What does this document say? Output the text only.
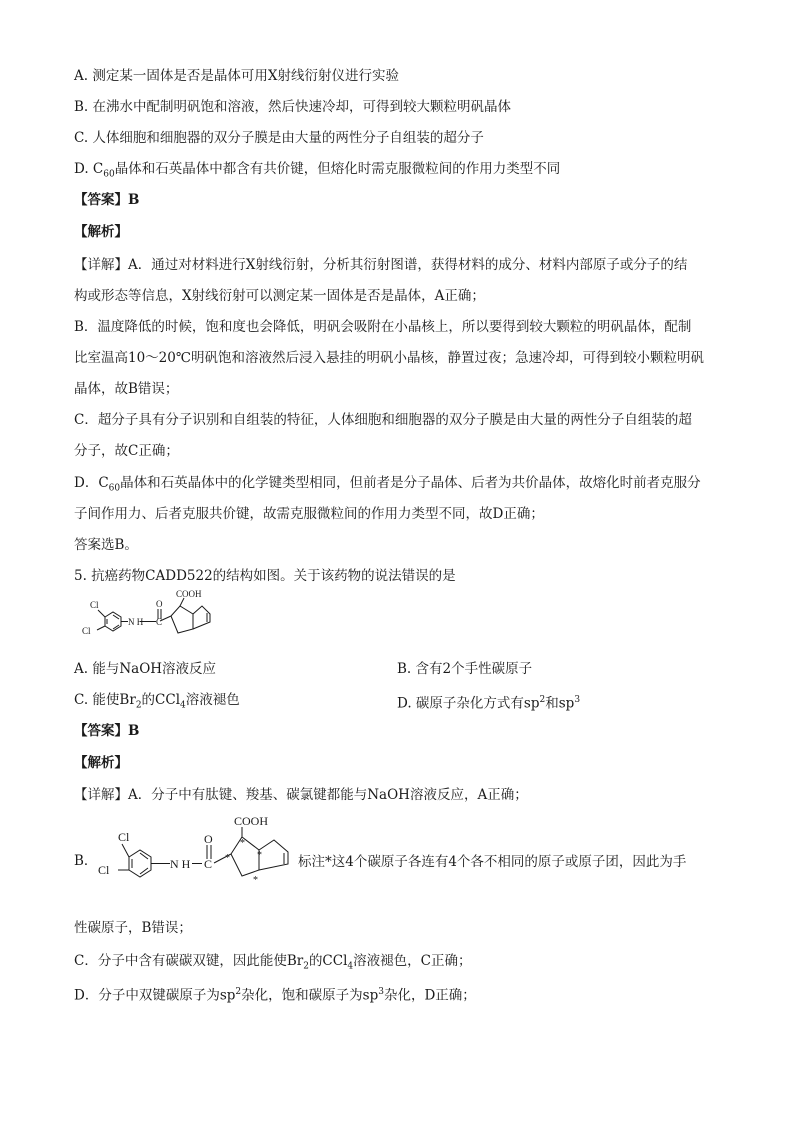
A. 测定某一固体是否是晶体可用X射线衍射仪进行实验
B. 在沸水中配制明矾饱和溶液，然后快速冷却，可得到较大颗粒明矾晶体
C. 人体细胞和细胞器的双分子膜是由大量的两性分子自组装的超分子
D. $C_{60}$晶体和石英晶体中都含有共价键，但熔化时需克服微粒间的作用力类型不同
【答案】B
【解析】
【详解】A．通过对材料进行X射线衍射，分析其衍射图谱，获得材料的成分、材料内部原子或分子的结
构或形态等信息，X射线衍射可以测定某一固体是否是晶体，A正确；
B．温度降低的时候，饱和度也会降低，明矾会吸附在小晶核上，所以要得到较大颗粒的明矾晶体，配制
比室温高10～20℃明矾饱和溶液然后浸入悬挂的明矾小晶核，静置过夜；急速冷却，可得到较小颗粒明矾
晶体，故B错误；
C．超分子具有分子识别和自组装的特征，人体细胞和细胞器的双分子膜是由大量的两性分子自组装的超
分子，故C正确；
D．$C_{60}$晶体和石英晶体中的化学键类型相同，但前者是分子晶体、后者为共价晶体，故熔化时前者克服分
子间作用力、后者克服共价键，故需克服微粒间的作用力类型不同，故D正确；
答案选B。
5. 抗癌药物CADD522的结构如图。关于该药物的说法错误的是
Cl
Cl
N H
O
C
COOH
A. 能与NaOH溶液反应	B. 含有2个手性碳原子
C. 能使$Br_2$的CCl$_4$溶液褪色	D. 碳原子杂化方式有$sp^2$和$sp^3$
【答案】B
【解析】
【详解】A．分子中有肽键、羧基、碳氯键都能与NaOH溶液反应，A正确；
B．
Cl
Cl	N H
O
C
COOH
*
*
*
*
标注*这4个碳原子各连有4个各不相同的原子或原子团，因此为手
性碳原子，B错误；
C．分子中含有碳碳双键，因此能使$Br_2$的CCl$_4$溶液褪色，C正确；
D．分子中双键碳原子为$sp^2$杂化，饱和碳原子为$sp^3$杂化，D正确；
